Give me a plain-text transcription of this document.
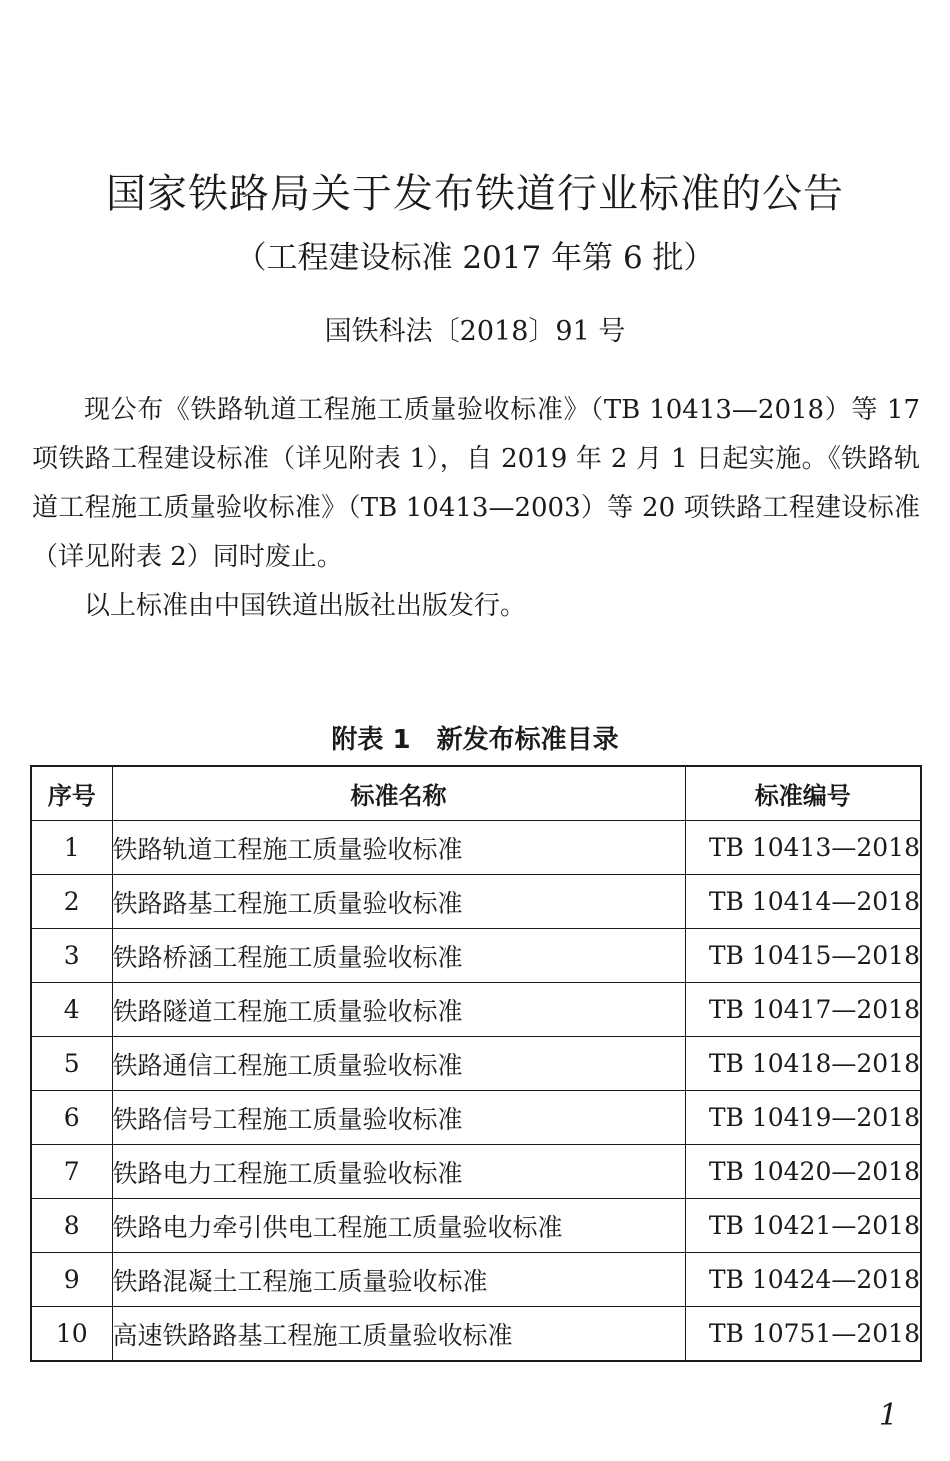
国家铁路局关于发布铁道行业标准的公告
（工程建设标准 2017 年第 6 批）
国铁科法〔2018〕91 号

现公布《铁路轨道工程施工质量验收标准》（TB 10413—2018）等 17 项铁路工程建设标准（详见附表 1），自 2019 年 2 月 1 日起实施。《铁路轨道工程施工质量验收标准》（TB 10413—2003）等 20 项铁路工程建设标准（详见附表 2）同时废止。

以上标准由中国铁道出版社出版发行。

附表 1　新发布标准目录
序号	标准名称	标准编号
1	铁路轨道工程施工质量验收标准	TB 10413—2018
2	铁路路基工程施工质量验收标准	TB 10414—2018
3	铁路桥涵工程施工质量验收标准	TB 10415—2018
4	铁路隧道工程施工质量验收标准	TB 10417—2018
5	铁路通信工程施工质量验收标准	TB 10418—2018
6	铁路信号工程施工质量验收标准	TB 10419—2018
7	铁路电力工程施工质量验收标准	TB 10420—2018
8	铁路电力牵引供电工程施工质量验收标准	TB 10421—2018
9	铁路混凝土工程施工质量验收标准	TB 10424—2018
10	高速铁路路基工程施工质量验收标准	TB 10751—2018
1
